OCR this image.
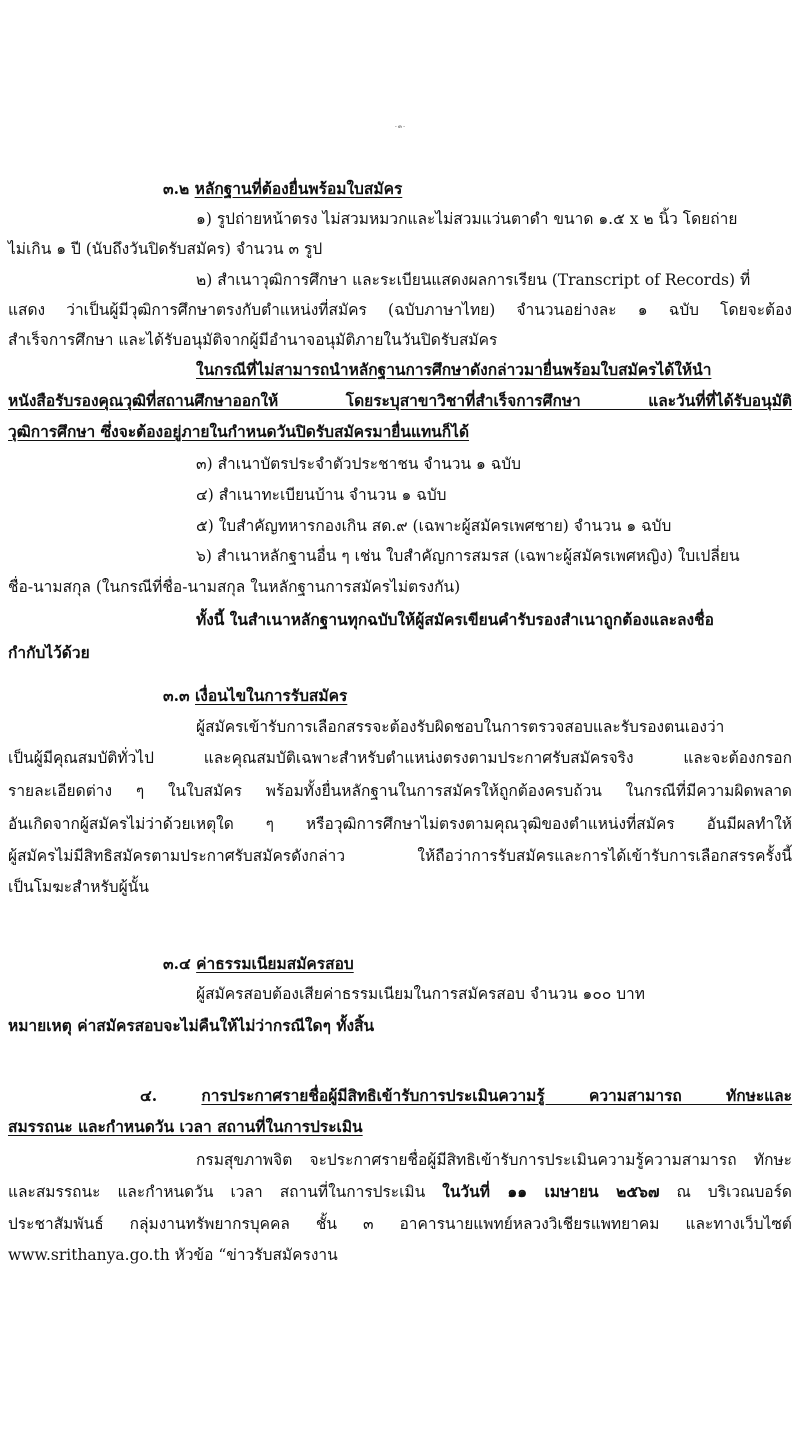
- ๓ -
๓.๒ หลักฐานที่ต้องยื่นพร้อมใบสมัคร
๑) รูปถ่ายหน้าตรง ไม่สวมหมวกและไม่สวมแว่นตาดำ ขนาด ๑.๕ x ๒ นิ้ว โดยถ่าย
ไม่เกิน ๑ ปี (นับถึงวันปิดรับสมัคร) จำนวน ๓ รูป
๒) สำเนาวุฒิการศึกษา และระเบียนแสดงผลการเรียน (Transcript of Records) ที่
แสดง ว่าเป็นผู้มีวุฒิการศึกษาตรงกับตำแหน่งที่สมัคร (ฉบับภาษาไทย) จำนวนอย่างละ ๑ ฉบับ โดยจะต้อง
สำเร็จการศึกษา และได้รับอนุมัติจากผู้มีอำนาจอนุมัติภายในวันปิดรับสมัคร
ในกรณีที่ไม่สามารถนำหลักฐานการศึกษาดังกล่าวมายื่นพร้อมใบสมัครได้ให้นำ
หนังสือรับรองคุณวุฒิที่สถานศึกษาออกให้ โดยระบุสาขาวิชาที่สำเร็จการศึกษา และวันที่ที่ได้รับอนุมัติ
วุฒิการศึกษา ซึ่งจะต้องอยู่ภายในกำหนดวันปิดรับสมัครมายื่นแทนก็ได้
๓) สำเนาบัตรประจำตัวประชาชน จำนวน ๑ ฉบับ
๔) สำเนาทะเบียนบ้าน จำนวน ๑ ฉบับ
๕) ใบสำคัญทหารกองเกิน สด.๙ (เฉพาะผู้สมัครเพศชาย) จำนวน ๑ ฉบับ
๖) สำเนาหลักฐานอื่น ๆ เช่น ใบสำคัญการสมรส (เฉพาะผู้สมัครเพศหญิง) ใบเปลี่ยน
ชื่อ-นามสกุล (ในกรณีที่ชื่อ-นามสกุล ในหลักฐานการสมัครไม่ตรงกัน)
ทั้งนี้ ในสำเนาหลักฐานทุกฉบับให้ผู้สมัครเขียนคำรับรองสำเนาถูกต้องและลงชื่อ
กำกับไว้ด้วย
๓.๓ เงื่อนไขในการรับสมัคร
ผู้สมัครเข้ารับการเลือกสรรจะต้องรับผิดชอบในการตรวจสอบและรับรองตนเองว่า
เป็นผู้มีคุณสมบัติทั่วไป และคุณสมบัติเฉพาะสำหรับตำแหน่งตรงตามประกาศรับสมัครจริง และจะต้องกรอก
รายละเอียดต่าง ๆ ในใบสมัคร พร้อมทั้งยื่นหลักฐานในการสมัครให้ถูกต้องครบถ้วน ในกรณีที่มีความผิดพลาด
อันเกิดจากผู้สมัครไม่ว่าด้วยเหตุใด ๆ หรือวุฒิการศึกษาไม่ตรงตามคุณวุฒิของตำแหน่งที่สมัคร อันมีผลทำให้
ผู้สมัครไม่มีสิทธิสมัครตามประกาศรับสมัครดังกล่าว ให้ถือว่าการรับสมัครและการได้เข้ารับการเลือกสรรครั้งนี้
เป็นโมฆะสำหรับผู้นั้น
๓.๔ ค่าธรรมเนียมสมัครสอบ
ผู้สมัครสอบต้องเสียค่าธรรมเนียมในการสมัครสอบ จำนวน ๑๐๐ บาท
หมายเหตุ ค่าสมัครสอบจะไม่คืนให้ไม่ว่ากรณีใดๆ ทั้งสิ้น
๔.	การประกาศรายชื่อผู้มีสิทธิเข้ารับการประเมินความรู้ ความสามารถ ทักษะและ
สมรรถนะ และกำหนดวัน เวลา สถานที่ในการประเมิน
กรมสุขภาพจิต จะประกาศรายชื่อผู้มีสิทธิเข้ารับการประเมินความรู้ความสามารถ ทักษะ
และสมรรถนะ และกำหนดวัน เวลา สถานที่ในการประเมิน ในวันที่ ๑๑ เมษายน ๒๕๖๗ ณ บริเวณบอร์ด
ประชาสัมพันธ์ กลุ่มงานทรัพยากรบุคคล ชั้น ๓ อาคารนายแพทย์หลวงวิเชียรแพทยาคม และทางเว็บไซต์
www.srithanya.go.th หัวข้อ “ข่าวรับสมัครงาน
